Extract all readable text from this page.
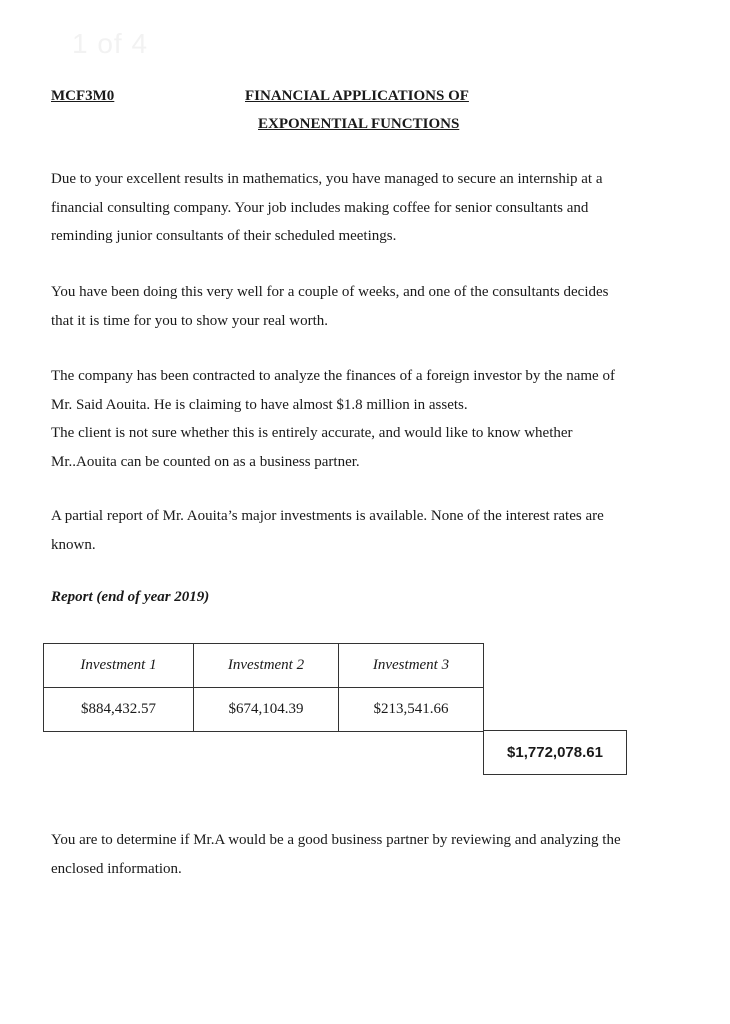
1 of 4
MCF3M0	FINANCIAL APPLICATIONS OF
EXPONENTIAL FUNCTIONS

Due to your excellent results in mathematics, you have managed to secure an internship at a
financial consulting company. Your job includes making coffee for senior consultants and
reminding junior consultants of their scheduled meetings.

You have been doing this very well for a couple of weeks, and one of the consultants decides
that it is time for you to show your real worth.

The company has been contracted to analyze the finances of a foreign investor by the name of
Mr. Said Aouita. He is claiming to have almost $1.8 million in assets.
The client is not sure whether this is entirely accurate, and would like to know whether
Mr..Aouita can be counted on as a business partner.

A partial report of Mr. Aouita’s major investments is available. None of the interest rates are
known.

Report (end of year 2019)
Investment 1	Investment 2	Investment 3
$884,432.57	$674,104.39	$213,541.66
$1,772,078.61

You are to determine if Mr.A would be a good business partner by reviewing and analyzing the
enclosed information.
